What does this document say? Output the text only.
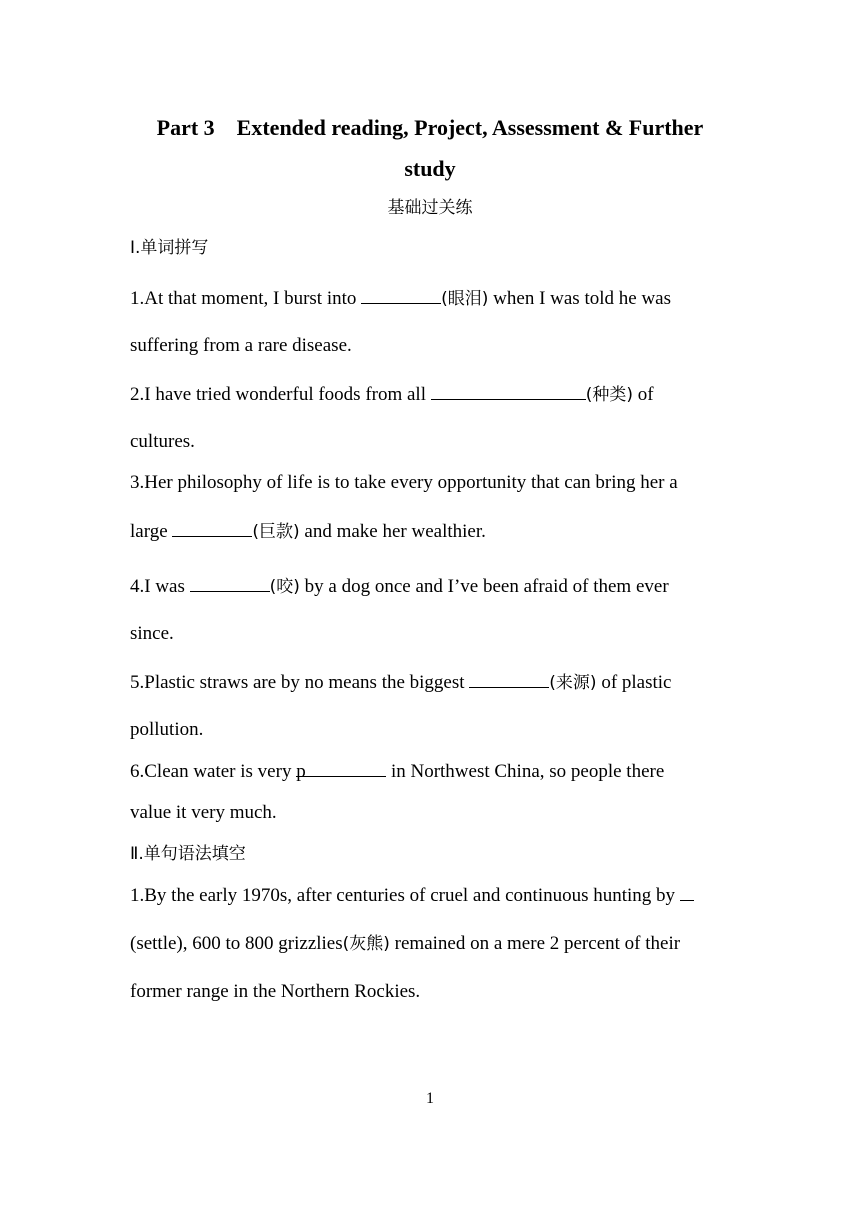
Part 3 Extended reading, Project, Assessment & Further
study
基础过关练
Ⅰ.单词拼写
1.At that moment, I burst into	(眼泪) when I was told he was
suffering from a rare disease.
2.I have tried wonderful foods from all	(种类) of
cultures.
3.Her philosophy of life is to take every opportunity that can bring her a
large	(巨款) and make her wealthier.
4.I was	(咬) by a dog once and I’ve been afraid of them ever
since.
5.Plastic straws are by no means the biggest	(来源) of plastic
pollution.
6.Clean water is very p	in Northwest China, so people there
value it very much.
Ⅱ.单句语法填空
1.By the early 1970s, after centuries of cruel and continuous hunting by
(settle), 600 to 800 grizzlies(灰熊) remained on a mere 2 percent of their
former range in the Northern Rockies.
1
